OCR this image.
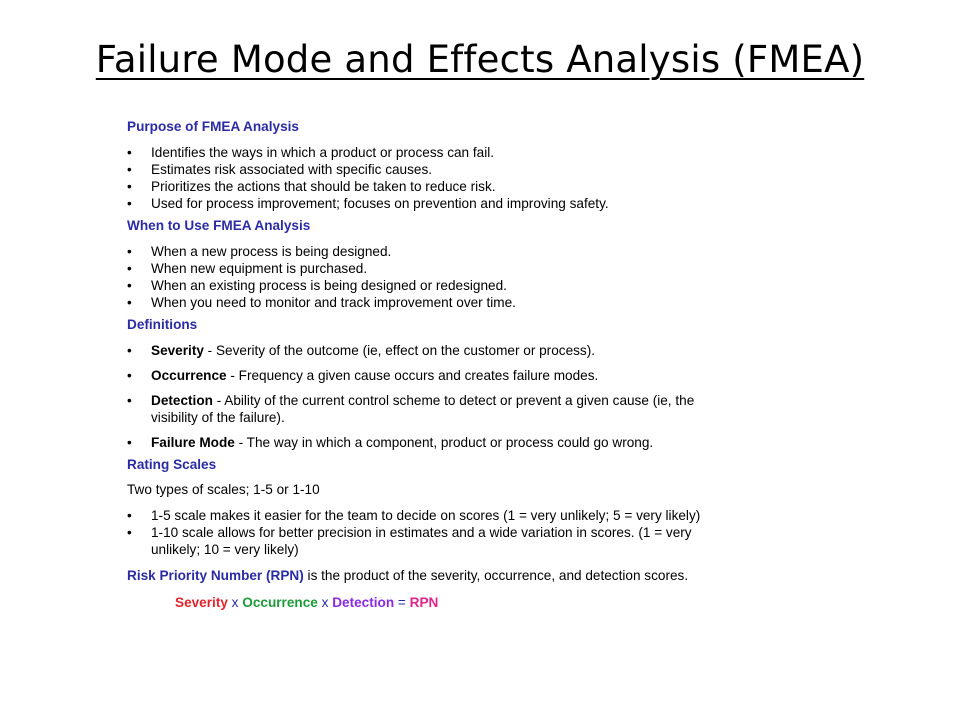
Failure Mode and Effects Analysis (FMEA)
Purpose of FMEA Analysis
• Identifies the ways in which a product or process can fail.
• Estimates risk associated with specific causes.
• Prioritizes the actions that should be taken to reduce risk.
• Used for process improvement; focuses on prevention and improving safety.
When to Use FMEA Analysis
• When a new process is being designed.
• When new equipment is purchased.
• When an existing process is being designed or redesigned.
• When you need to monitor and track improvement over time.
Definitions
• Severity - Severity of the outcome (ie, effect on the customer or process).
• Occurrence - Frequency a given cause occurs and creates failure modes.
• Detection - Ability of the current control scheme to detect or prevent a given cause (ie, the visibility of the failure).
• Failure Mode - The way in which a component, product or process could go wrong.
Rating Scales
Two types of scales; 1-5 or 1-10
• 1-5 scale makes it easier for the team to decide on scores (1 = very unlikely; 5 = very likely)
• 1-10 scale allows for better precision in estimates and a wide variation in scores. (1 = very unlikely; 10 = very likely)
Risk Priority Number (RPN) is the product of the severity, occurrence, and detection scores.
Severity x Occurrence x Detection = RPN
